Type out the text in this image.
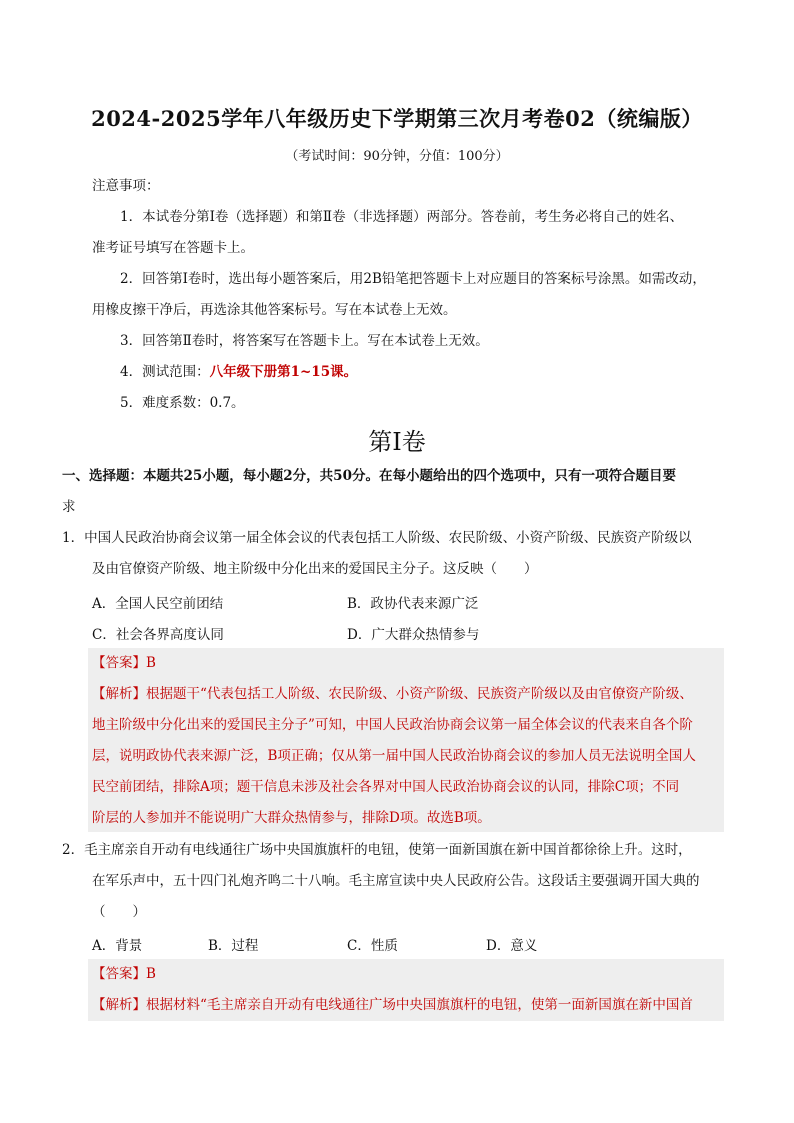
2024-2025学年八年级历史下学期第三次月考卷02（统编版）
（考试时间：90分钟，分值：100分）
注意事项：
1．本试卷分第Ⅰ卷（选择题）和第Ⅱ卷（非选择题）两部分。答卷前，考生务必将自己的姓名、
准考证号填写在答题卡上。
2．回答第Ⅰ卷时，选出每小题答案后，用2B铅笔把答题卡上对应题目的答案标号涂黑。如需改动，
用橡皮擦干净后，再选涂其他答案标号。写在本试卷上无效。
3．回答第Ⅱ卷时，将答案写在答题卡上。写在本试卷上无效。
4．测试范围：八年级下册第1~15课。
5．难度系数：0.7。
第Ⅰ卷
一、选择题：本题共25小题，每小题2分，共50分。在每小题给出的四个选项中，只有一项符合题目要
求
1．中国人民政治协商会议第一届全体会议的代表包括工人阶级、农民阶级、小资产阶级、民族资产阶级以
及由官僚资产阶级、地主阶级中分化出来的爱国民主分子。这反映（　　）
A．全国人民空前团结	B．政协代表来源广泛
C．社会各界高度认同	D．广大群众热情参与
【答案】B
【解析】根据题干“代表包括工人阶级、农民阶级、小资产阶级、民族资产阶级以及由官僚资产阶级、
地主阶级中分化出来的爱国民主分子”可知，中国人民政治协商会议第一届全体会议的代表来自各个阶
层，说明政协代表来源广泛，B项正确；仅从第一届中国人民政治协商会议的参加人员无法说明全国人
民空前团结，排除A项；题干信息未涉及社会各界对中国人民政治协商会议的认同，排除C项；不同
阶层的人参加并不能说明广大群众热情参与，排除D项。故选B项。
2．毛主席亲自开动有电线通往广场中央国旗旗杆的电钮，使第一面新国旗在新中国首都徐徐上升。这时，
在军乐声中，五十四门礼炮齐鸣二十八响。毛主席宣读中央人民政府公告。这段话主要强调开国大典的
（　　）
A．背景	B．过程	C．性质	D．意义
【答案】B
【解析】根据材料“毛主席亲自开动有电线通往广场中央国旗旗杆的电钮，使第一面新国旗在新中国首
